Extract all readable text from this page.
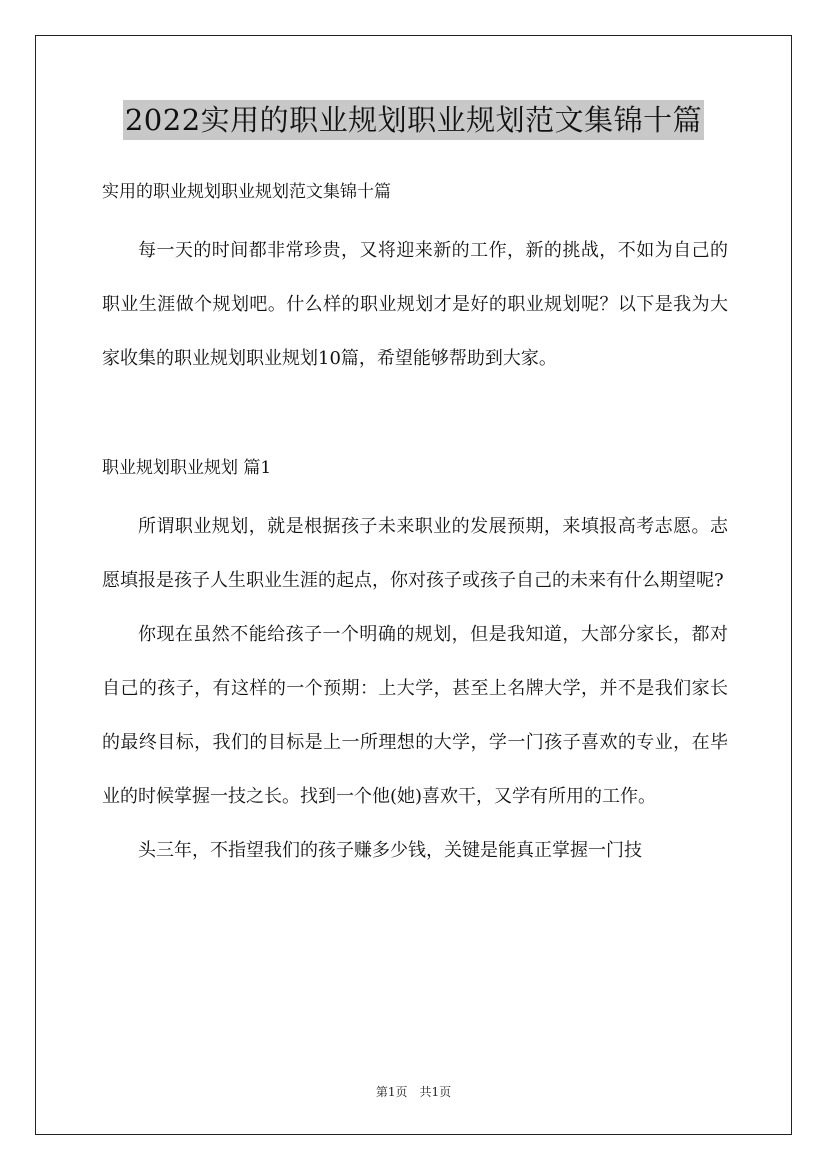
2022实用的职业规划职业规划范文集锦十篇

实用的职业规划职业规划范文集锦十篇

每一天的时间都非常珍贵，又将迎来新的工作，新的挑战，不如为自己的职业生涯做个规划吧。什么样的职业规划才是好的职业规划呢？以下是我为大家收集的职业规划职业规划10篇，希望能够帮助到大家。

职业规划职业规划 篇1

所谓职业规划，就是根据孩子未来职业的发展预期，来填报高考志愿。志愿填报是孩子人生职业生涯的起点，你对孩子或孩子自己的未来有什么期望呢?

你现在虽然不能给孩子一个明确的规划，但是我知道，大部分家长，都对自己的孩子，有这样的一个预期：上大学，甚至上名牌大学，并不是我们家长的最终目标，我们的目标是上一所理想的大学，学一门孩子喜欢的专业，在毕业的时候掌握一技之长。找到一个他(她)喜欢干，又学有所用的工作。

头三年，不指望我们的孩子赚多少钱，关键是能真正掌握一门技

第1页　共1页
